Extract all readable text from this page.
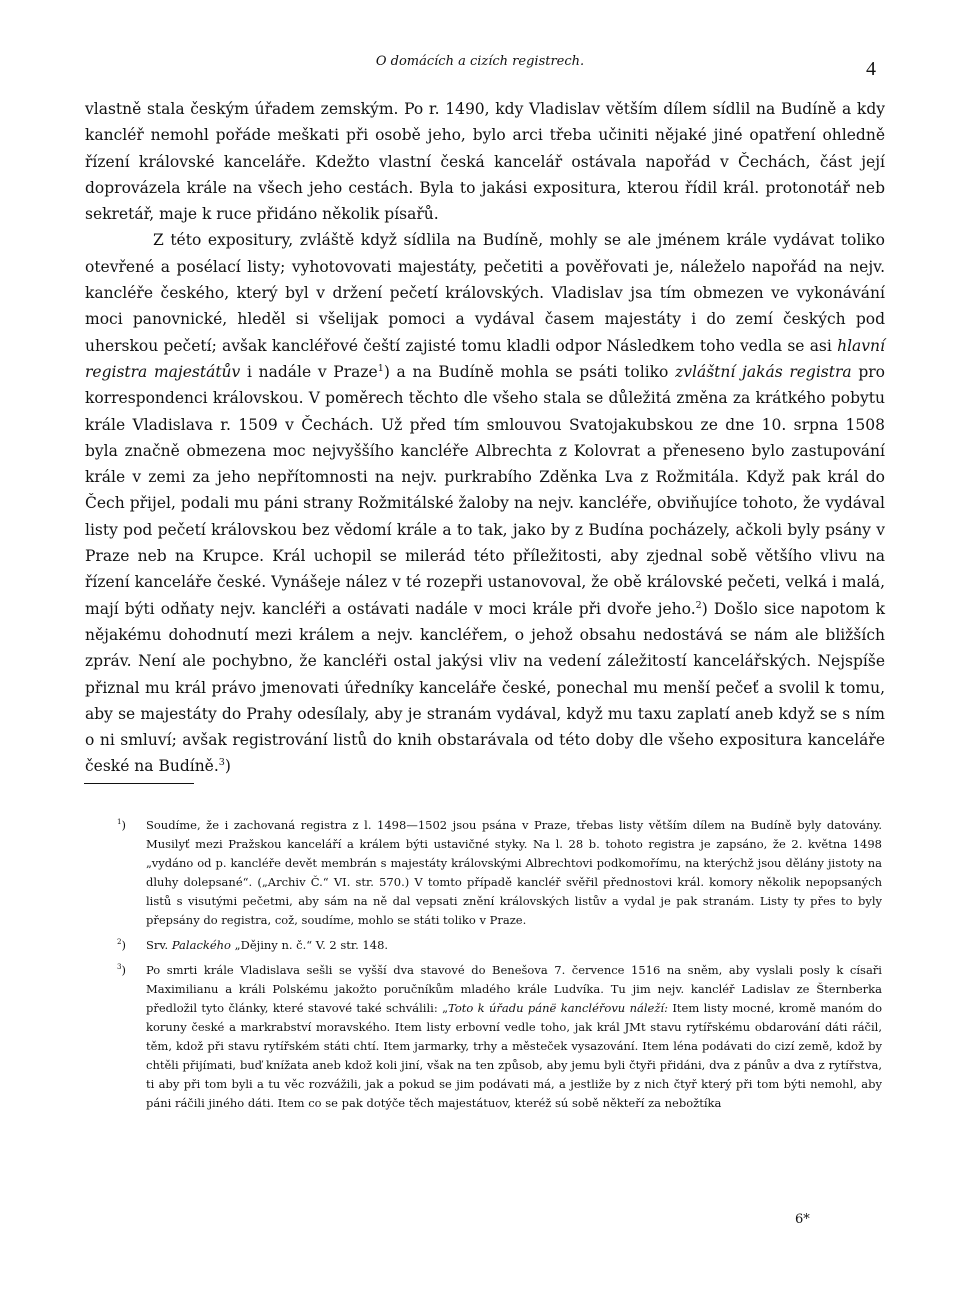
O domácích a cizích registrech.	4

vlastně stala českým úřadem zemským. Po r. 1490, kdy Vladislav větším dílem sídlil na Budíně a kdy kancléř nemohl pořáde meškati při osobě jeho, bylo arci třeba učiniti nějaké jiné opatření ohledně řízení královské kanceláře. Kdežto vlastní česká kancelář ostávala napořád v Čechách, část její doprovázela krále na všech jeho cestách. Byla to jakási expositura, kterou řídil král. protonotář neb sekretář, maje k ruce přidáno několik písařů.

Z této expositury, zvláště když sídlila na Budíně, mohly se ale jménem krále vydávat toliko otevřené a posélací listy; vyhotovovati majestáty, pečetiti a pověřovati je, náleželo napořád na nejv. kancléře českého, který byl v držení pečetí královských. Vladislav jsa tím obmezen ve vykonávání moci panovnické, hleděl si všelijak pomoci a vydával časem majestáty i do zemí českých pod uherskou pečetí; avšak kancléřové čeští zajisté tomu kladli odpor Následkem toho vedla se asi hlavní registra majestátův i nadále v Praze$^1$) a na Budíně mohla se psáti toliko zvláštní jakás registra pro korrespondenci královskou. V poměrech těchto dle všeho stala se důležitá změna za krátkého pobytu krále Vladislava r. 1509 v Čechách. Už před tím smlouvou Svatojakubskou ze dne 10. srpna 1508 byla značně obmezena moc nejvyššího kancléře Albrechta z Kolovrat a přeneseno bylo zastupování krále v zemi za jeho nepřítomnosti na nejv. purkrabího Zděnka Lva z Rožmitála. Když pak král do Čech přijel, podali mu páni strany Rožmitálské žaloby na nejv. kancléře, obviňujíce tohoto, že vydával listy pod pečetí královskou bez vědomí krále a to tak, jako by z Budína pocházely, ačkoli byly psány v Praze neb na Krupce. Král uchopil se milerád této příležitosti, aby zjednal sobě většího vlivu na řízení kanceláře české. Vynášeje nález v té rozepři ustanovoval, že obě královské pečeti, velká i malá, mají býti odňaty nejv. kancléři a ostávati nadále v moci krále při dvoře jeho.$^2$) Došlo sice napotom k nějakému dohodnutí mezi králem a nejv. kancléřem, o jehož obsahu nedostává se nám ale bližších zpráv. Není ale pochybno, že kancléři ostal jakýsi vliv na vedení záležitostí kancelářských. Nejspíše přiznal mu král právo jmenovati úředníky kanceláře české, ponechal mu menší pečeť a svolil k tomu, aby se majestáty do Prahy odesílaly, aby je stranám vydával, když mu taxu zaplatí aneb když se s ním o ni smluví; avšak registrování listů do knih obstarávala od této doby dle všeho expositura kanceláře české na Budíně.$^3$)

$^1$) Soudíme, že i zachovaná registra z l. 1498—1502 jsou psána v Praze, třebas listy větším dílem na Budíně byly datovány. Musilyť mezi Pražskou kanceláří a králem býti ustavičné styky. Na l. 28 b. tohoto registra je zapsáno, že 2. května 1498 „vydáno od p. kancléře devět membrán s majestáty královskými Albrechtovi podkomořímu, na kterýchž jsou dělány jistoty na dluhy dolepsané“. („Archiv Č.“ VI. str. 570.) V tomto případě kancléř svěřil přednostovi král. komory několik nepopsaných listů s visutými pečetmi, aby sám na ně dal vepsati znění královských listův a vydal je pak stranám. Listy ty přes to byly přepsány do registra, což, soudíme, mohlo se státi toliko v Praze.
$^2$) Srv. Palackého „Dějiny n. č.“ V. 2 str. 148.
$^3$) Po smrti krále Vladislava sešli se vyšší dva stavové do Benešova 7. července 1516 na sněm, aby vyslali posly k císaři Maximilianu a králi Polskému jakožto poručníkům mladého krále Ludvíka. Tu jim nejv. kancléř Ladislav ze Šternberka předložil tyto články, které stavové také schválili: „Toto k úřadu pánë kancléřovu náleží: Item listy mocné, kromě manóm do koruny české a markrabství moravského. Item listy erbovní vedle toho, jak král JMt stavu rytířskému obdarování dáti ráčil, těm, kdož při stavu rytířském státi chtí. Item jarmarky, trhy a městeček vysazování. Item léna podávati do cizí země, kdož by chtěli přijímati, buď knížata aneb kdož koli jiní, však na ten způsob, aby jemu byli čtyři přidáni, dva z pánův a dva z rytířstva, ti aby při tom byli a tu věc rozvážili, jak a pokud se jim podávati má, a jestliže by z nich čtyř který při tom býti nemohl, aby páni ráčili jiného dáti. Item co se pak dotýče těch majestátuov, kteréž sú sobě někteří za nebožtíka
6*
